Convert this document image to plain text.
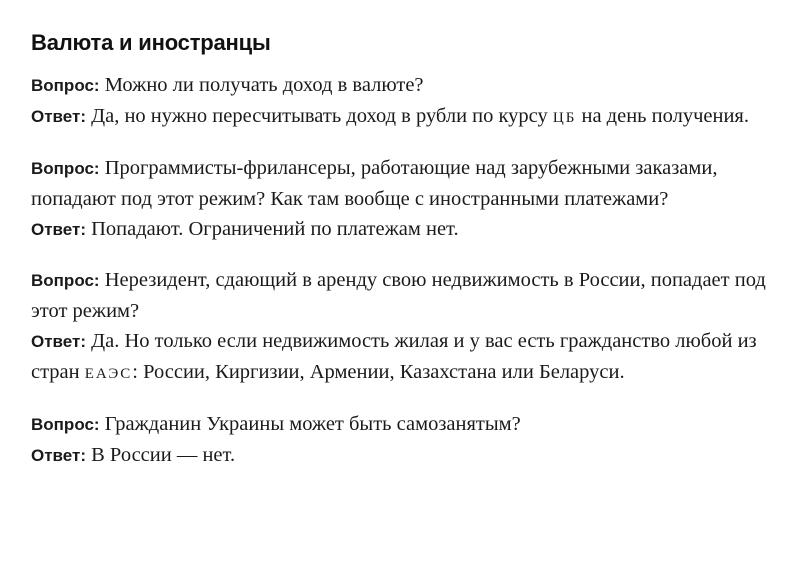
Валюта и иностранцы

Вопрос: Можно ли получать доход в валюте?

Ответ: Да, но нужно пересчитывать доход в рубли по курсу ЦБ на день получения.

Вопрос: Программисты-фрилансеры, работающие над зарубежными заказами, попадают под этот режим? Как там вообще с иностранными платежами?

Ответ: Попадают. Ограничений по платежам нет.

Вопрос: Нерезидент, сдающий в аренду свою недвижимость в России, попадает под этот режим?

Ответ: Да. Но только если недвижимость жилая и у вас есть гражданство любой из стран ЕАЭС: России, Киргизии, Армении, Казахстана или Беларуси.

Вопрос: Гражданин Украины может быть самозанятым?

Ответ: В России — нет.
